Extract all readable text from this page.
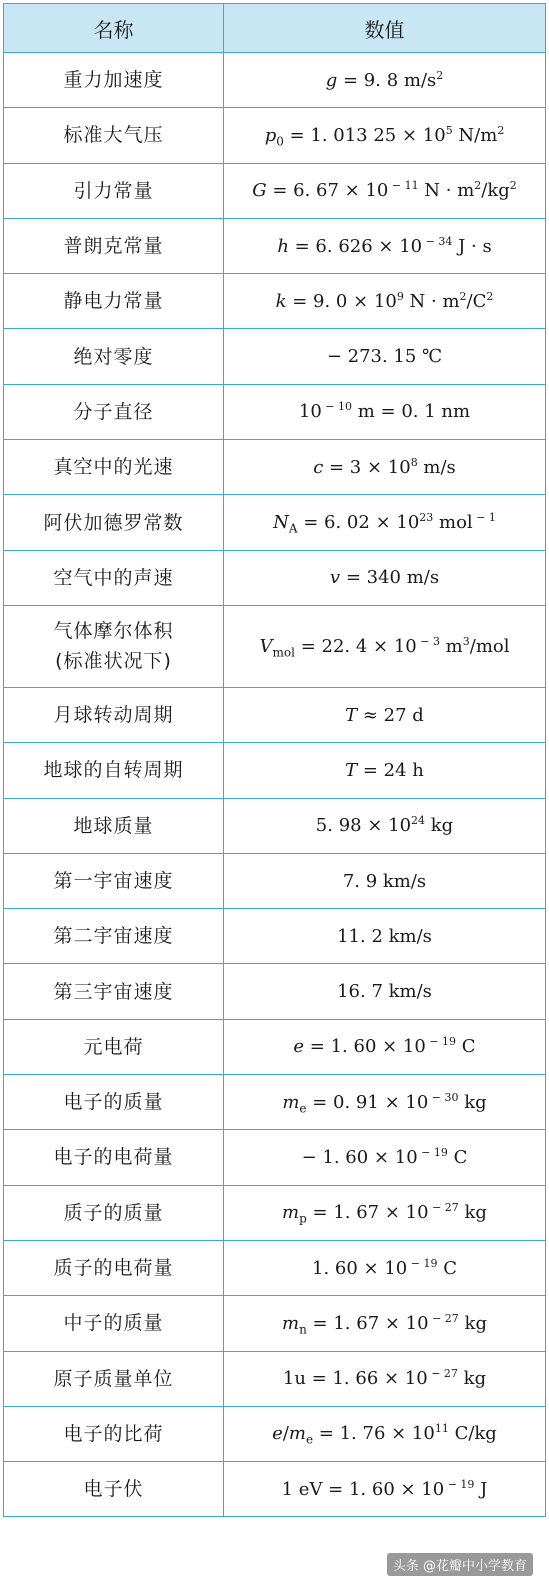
名称	数值

重力加速度	g = 9. 8 $m/s^2$

标准大气压	$p_0 = 1$. 013 $25 \times 10^5$ $N/m^2$

引力常量	G = 6. 67 × 10 $^{- 11}$ $N \cdot m^2/kg^2$

普朗克常量	h = 6. 626 × 10 $^{- 34}$ J · s

静电力常量	k = 9. $0 \times 10^9$ $N \cdot m^2/C^2$

绝对零度	− 273. 15 ℃

分子直径	10 $^{- 10}$ m = 0. 1 nm

真空中的光速	$c = 3 \times 10^8$ m/s

阿伏加德罗常数	$N_A = 6$. $02 \times 10^{23}$ mol $^{- 1}$

空气中的声速	v = 340 m/s

气体摩尔体积
(标准状况下)	$V_{mol} = 22$. 4 × 10 $^{- 3}$ $m^3$/mol

月球转动周期	T ≈ 27 d

地球的自转周期	T = 24 h

地球质量	5. $98 \times 10^{24}$ kg

第一宇宙速度	7. 9 km/s

第二宇宙速度	11. 2 km/s

第三宇宙速度	16. 7 km/s

元电荷	e = 1. 60 × 10 $^{- 19}$ C

电子的质量	$m_e = 0$. 91 × 10 $^{- 30}$ kg

电子的电荷量	− 1. 60 × 10 $^{- 19}$ C

质子的质量	$m_p = 1$. 67 × 10 $^{- 27}$ kg

质子的电荷量	1. 60 × 10 $^{- 19}$ C

中子的质量	$m_n = 1$. 67 × 10 $^{- 27}$ kg

原子质量单位	1u = 1. 66 × 10 $^{- 27}$ kg

电子的比荷	$e/m_e = 1$. $76 \times 10^{11}$ C/kg

电子伏	1 eV = 1. 60 × 10 $^{- 19}$ J
头条 @花瓣中小学教育
